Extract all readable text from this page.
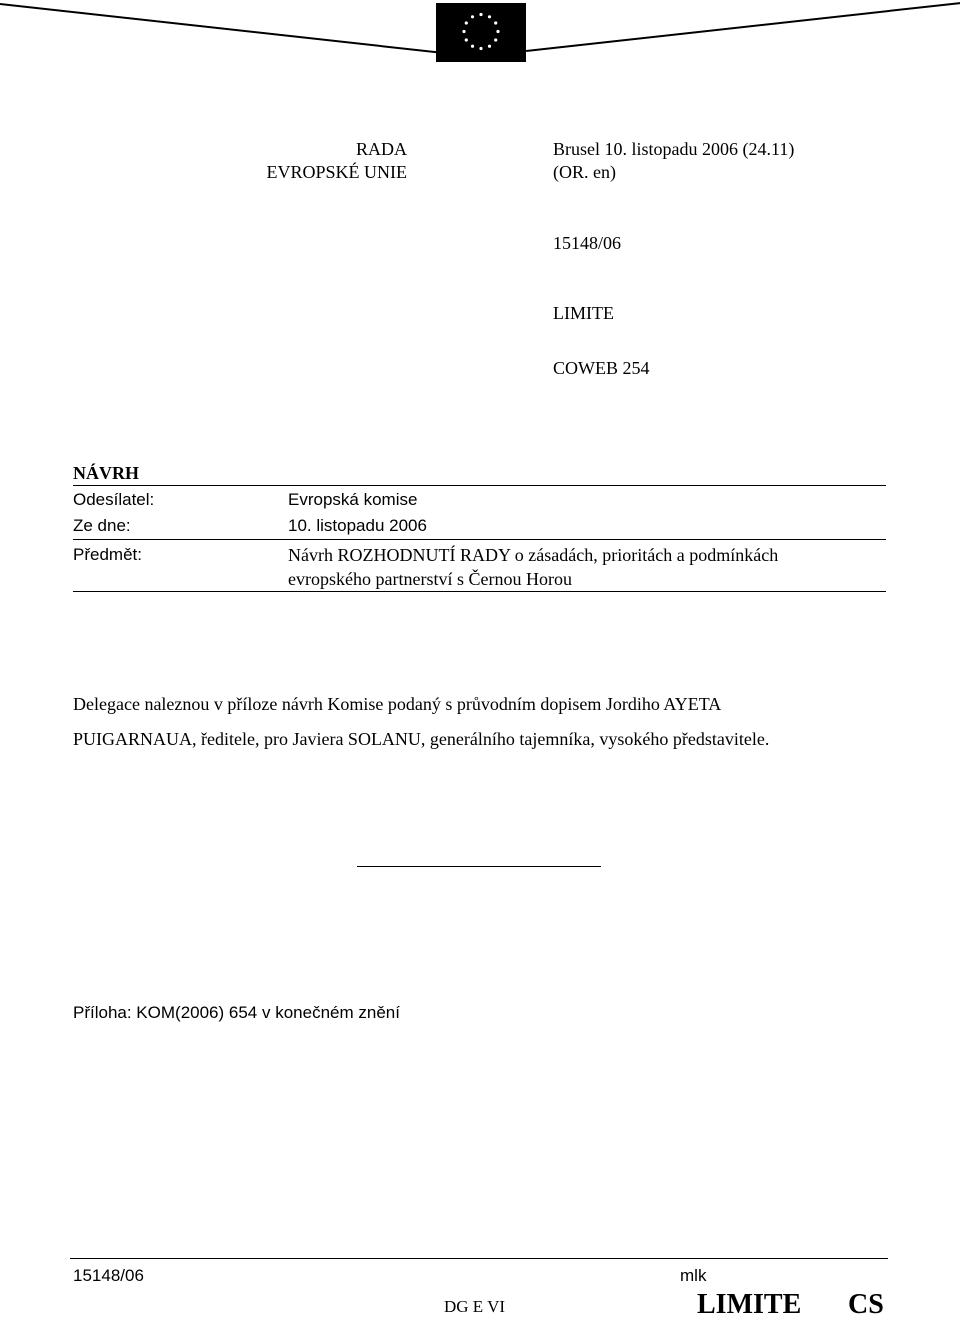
RADA
EVROPSKÉ UNIE
Brusel 10. listopadu 2006 (24.11)
(OR. en)
15148/06
LIMITE
COWEB 254
NÁVRH
Odesílatel:	Evropská komise
Ze dne:	10. listopadu 2006
Předmět:	Návrh ROZHODNUTÍ RADY o zásadách, prioritách a podmínkách
evropského partnerství s Černou Horou
Delegace naleznou v příloze návrh Komise podaný s průvodním dopisem Jordiho AYETA
PUIGARNAUA, ředitele, pro Javiera SOLANU, generálního tajemníka, vysokého představitele.
Příloha: KOM(2006) 654 v konečném znění
15148/06	mlk
DG E VI	LIMITE CS
